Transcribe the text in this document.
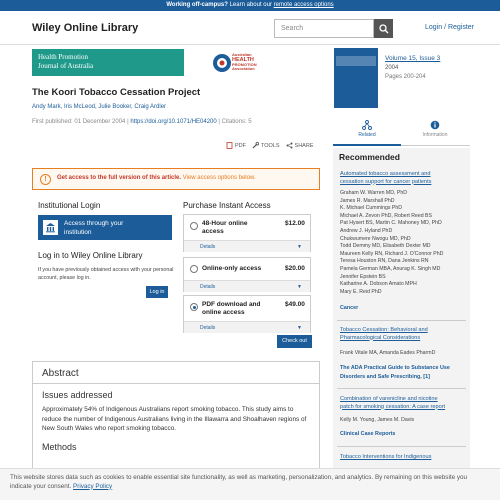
Working off-campus? Learn about our remote access options
Wiley Online Library	Search	Login / Register
Health Promotion
Journal of Australia
Australian
HEALTH
PROMOTION
Association
Volume 15, Issue 3
2004
Pages 200-204
The Koori Tobacco Cessation Project
Andy Mark, Iris McLeod, Julie Booker, Craig Ardler
First published: 01 December 2004 | https://doi.org/10.1071/HE04200 | Citations: 5
PDF	TOOLS	SHARE
!	Get access to the full version of this article. View access options below.
Institutional Login
Access through your
institution
Log in to Wiley Online Library
If you have previously obtained access with your personal account, please log in.
Log in
Purchase Instant Access
48-Hour online
access
$12.00
Details	▼
Online-only access	$20.00
Details	▼
PDF download and
online access
$49.00
Details	▼
Check out
Abstract
Issues addressed
Approximately 54% of Indigenous Australians report smoking tobacco. This study aims to reduce the number of Indigenous Australians living in the Illawarra and Shoalhaven regions of New South Wales who report smoking tobacco.
Methods
Related	Information
Recommended
Automated tobacco assessment and
cessation support for cancer patients
Graham W. Warren MD, PhD
James R. Marshall PhD
K. Michael Cummings PhD
Michael A. Zevon PhD, Robert Reed BS
Pat Hysert BS, Martin C. Mahoney MD, PhD
Andrew J. Hyland PhD
Chukwumere Nwogu MD, PhD
Todd Demmy MD, Elisabeth Dexter MD
Maureen Kelly RN, Richard J. O'Connor PhD
Teresa Houston RN, Dana Jenkins RN
Pamela German MBA, Anurag K. Singh MD
Jennifer Epstein BS
Katharine A. Dobson Amato MPH
Mary E. Reid PhD
Cancer
Tobacco Cessation: Behavioral and
Pharmacological Considerations
Frank Vitale MA, Amanda Eades PharmD
The ADA Practical Guide to Substance Use
Disorders and Safe Prescribing, [1]
Combination of varenicline and nicotine
patch for smoking cessation: A case report
Kelly M. Young, James M. Davis
Clinical Case Reports
Tobacco Interventions for Indigenous
This website stores data such as cookies to enable essential site functionality, as well as marketing, personalization, and analytics. By remaining on this website you indicate your consent. Privacy Policy
